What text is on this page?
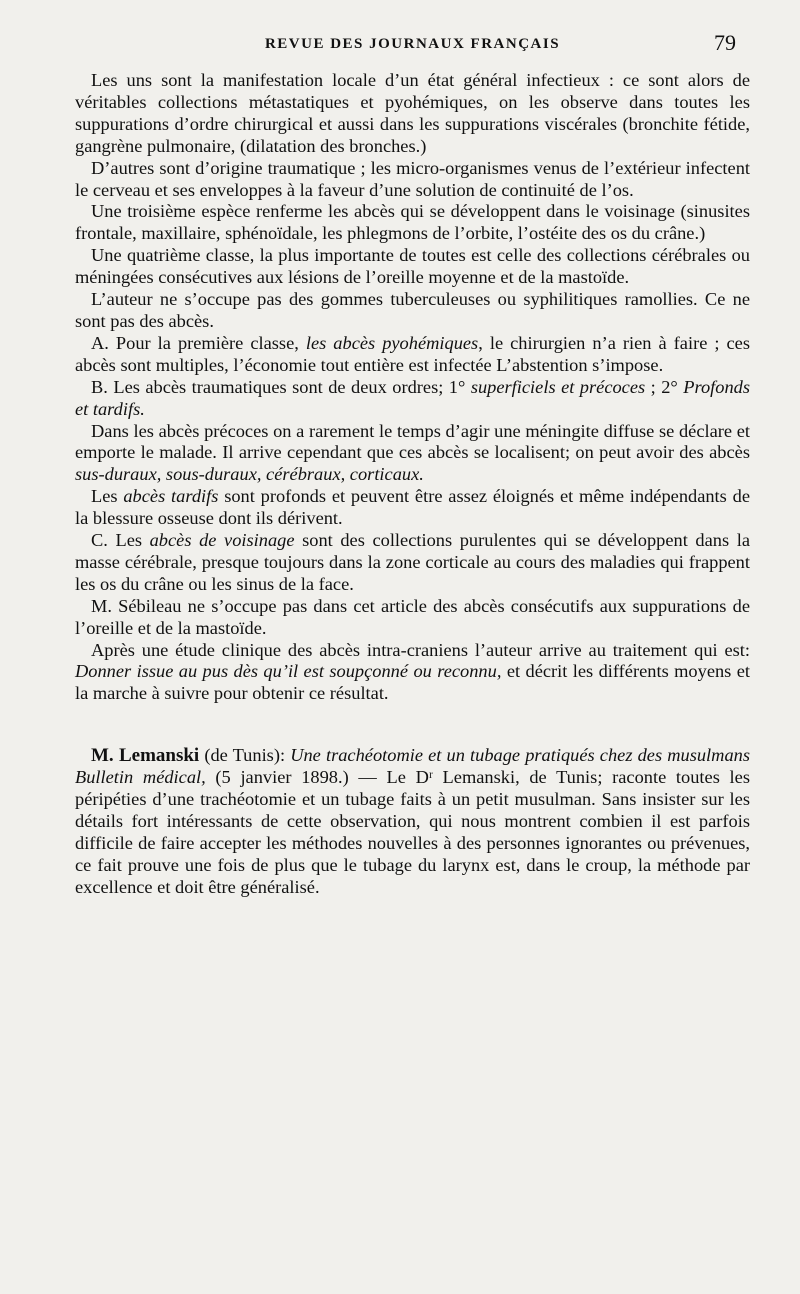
REVUE DES JOURNAUX FRANÇAIS	79

Les uns sont la manifestation locale d’un état général infectieux : ce sont alors de véritables collections métastatiques et pyohémiques, on les observe dans toutes les suppurations d’ordre chirurgical et aussi dans les suppurations viscérales (bronchite fétide, gangrène pulmonaire, (dilatation des bronches.)

D’autres sont d’origine traumatique ; les micro-organismes venus de l’extérieur infectent le cerveau et ses enveloppes à la faveur d’une solution de continuité de l’os.

Une troisième espèce renferme les abcès qui se développent dans le voisinage (sinusites frontale, maxillaire, sphénoïdale, les phlegmons de l’orbite, l’ostéite des os du crâne.)

Une quatrième classe, la plus importante de toutes est celle des collections cérébrales ou méningées consécutives aux lésions de l’oreille moyenne et de la mastoïde.

L’auteur ne s’occupe pas des gommes tuberculeuses ou syphilitiques ramollies. Ce ne sont pas des abcès.

A. Pour la première classe, les abcès pyohémiques, le chirurgien n’a rien à faire ; ces abcès sont multiples, l’économie tout entière est infectée L’abstention s’impose.

B. Les abcès traumatiques sont de deux ordres; 1° superficiels et précoces ; 2° Profonds et tardifs.

Dans les abcès précoces on a rarement le temps d’agir une méningite diffuse se déclare et emporte le malade. Il arrive cependant que ces abcès se localisent; on peut avoir des abcès sus-duraux, sous-duraux, cérébraux, corticaux.

Les abcès tardifs sont profonds et peuvent être assez éloignés et même indépendants de la blessure osseuse dont ils dérivent.

C. Les abcès de voisinage sont des collections purulentes qui se développent dans la masse cérébrale, presque toujours dans la zone corticale au cours des maladies qui frappent les os du crâne ou les sinus de la face.

M. Sébileau ne s’occupe pas dans cet article des abcès consécutifs aux suppurations de l’oreille et de la mastoïde.

Après une étude clinique des abcès intra-craniens l’auteur arrive au traitement qui est: Donner issue au pus dès qu’il est soupçonné ou reconnu, et décrit les différents moyens et la marche à suivre pour obtenir ce résultat.

M. Lemanski (de Tunis): Une trachéotomie et un tubage pratiqués chez des musulmans Bulletin médical, (5 janvier 1898.) — Le Dʳ Lemanski, de Tunis; raconte toutes les péripéties d’une trachéotomie et un tubage faits à un petit musulman. Sans insister sur les détails fort intéressants de cette observation, qui nous montrent combien il est parfois difficile de faire accepter les méthodes nouvelles à des personnes ignorantes ou prévenues, ce fait prouve une fois de plus que le tubage du larynx est, dans le croup, la méthode par excellence et doit être généralisé.
